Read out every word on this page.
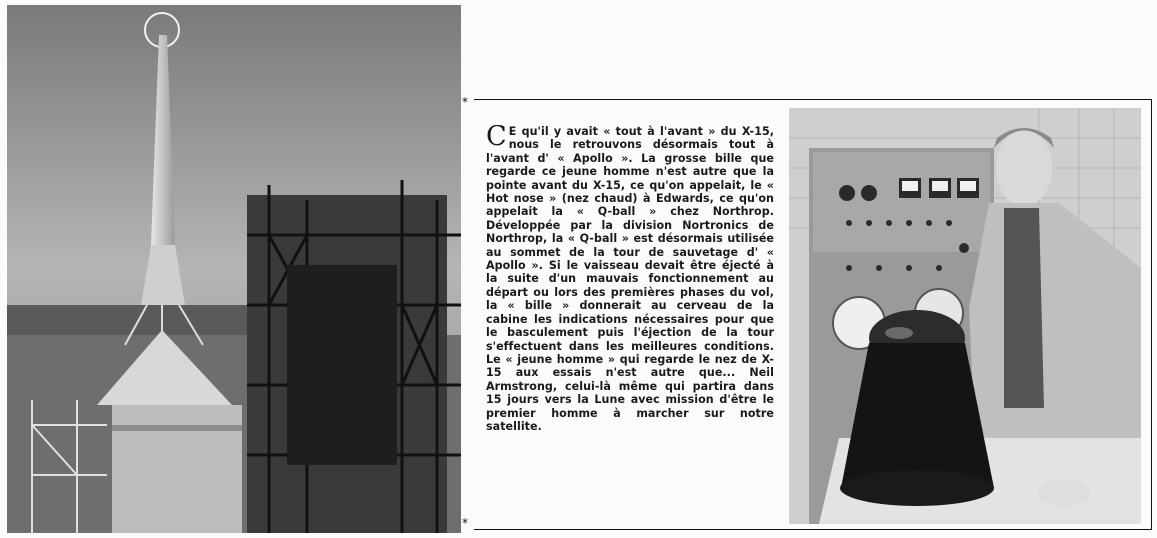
*
*
C E qu'il y avait « tout à l'avant » du X-15, nous le retrouvons désormais tout à l'avant d' « Apollo ». La grosse bille que regarde ce jeune homme n'est autre que la pointe avant du X-15, ce qu'on appelait, le « Hot nose » (nez chaud) à Edwards, ce qu'on appelait la « Q-ball » chez Northrop. Développée par la division Nortronics de Northrop, la « Q-ball » est désormais utilisée au sommet de la tour de sauvetage d' « Apollo ». Si le vaisseau devait être éjecté à la suite d'un mauvais fonctionnement au départ ou lors des premières phases du vol, la « bille » donnerait au cerveau de la cabine les indications nécessaires pour que le basculement puis l'éjection de la tour s'effectuent dans les meilleures conditions. Le « jeune homme » qui regarde le nez de X-15 aux essais n'est autre que... Neil Armstrong, celui-là même qui partira dans 15 jours vers la Lune avec mission d'être le premier homme à marcher sur notre satellite.
